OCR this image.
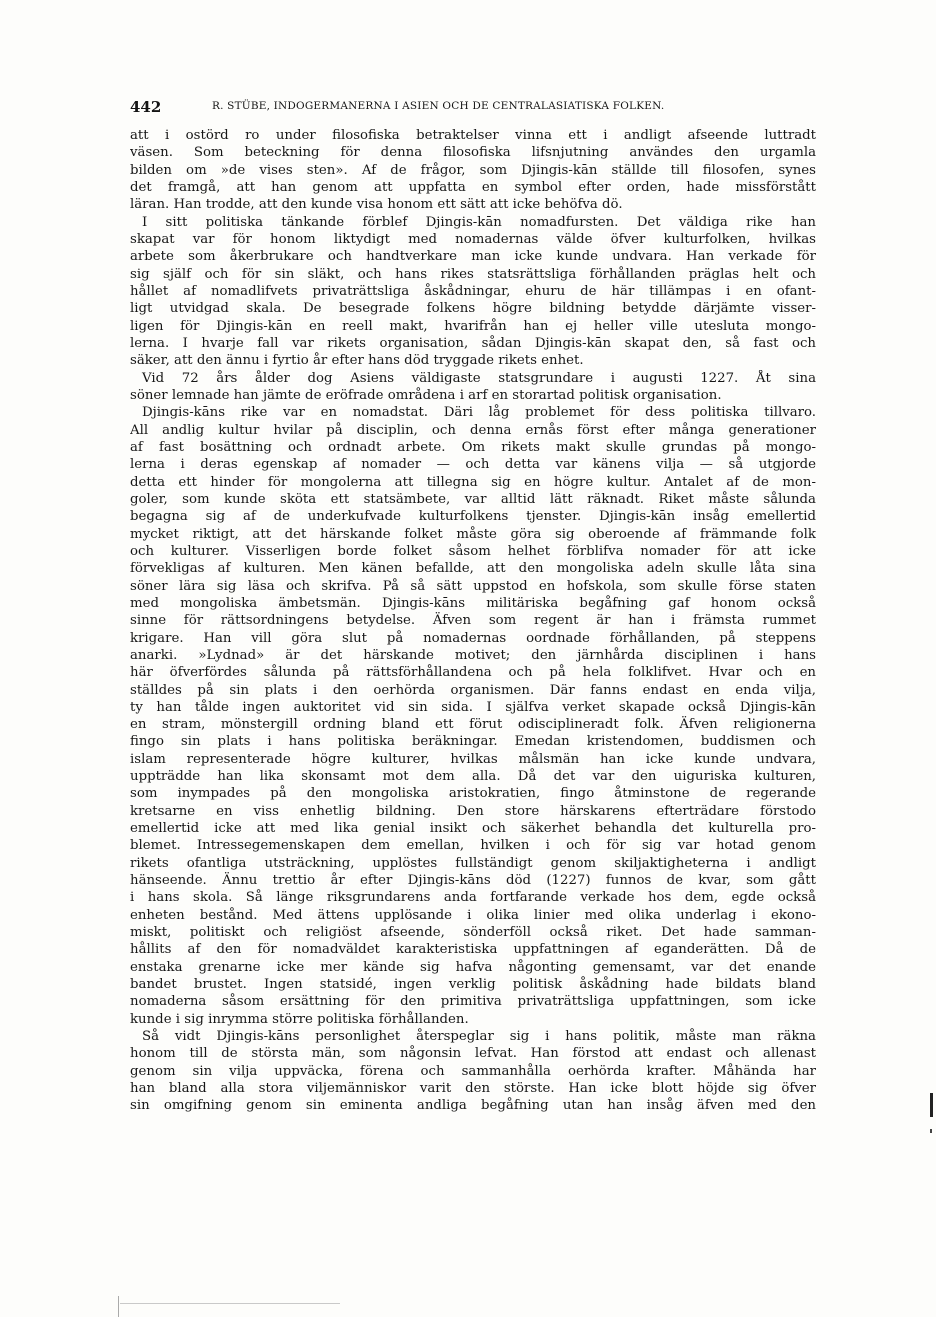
442	R. STÜBE, INDOGERMANERNA I ASIEN OCH DE CENTRALASIATISKA FOLKEN.
att i ostörd ro under filosofiska betraktelser vinna ett i andligt afseende luttradt
väsen. Som beteckning för denna filosofiska lifsnjutning användes den urgamla
bilden om »de vises sten». Af de frågor, som Djingis-kān ställde till filosofen, synes
det framgå, att han genom att uppfatta en symbol efter orden, hade missförstått
läran. Han trodde, att den kunde visa honom ett sätt att icke behöfva dö.
I sitt politiska tänkande förblef Djingis-kān nomadfursten. Det väldiga rike han
skapat var för honom liktydigt med nomadernas välde öfver kulturfolken, hvilkas
arbete som åkerbrukare och handtverkare man icke kunde undvara. Han verkade för
sig själf och för sin släkt, och hans rikes statsrättsliga förhållanden präglas helt och
hållet af nomadlifvets privaträttsliga åskådningar, ehuru de här tillämpas i en ofant-
ligt utvidgad skala. De besegrade folkens högre bildning betydde därjämte visser-
ligen för Djingis-kān en reell makt, hvarifrån han ej heller ville utesluta mongo-
lerna. I hvarje fall var rikets organisation, sådan Djingis-kān skapat den, så fast och
säker, att den ännu i fyrtio år efter hans död tryggade rikets enhet.
Vid 72 års ålder dog Asiens väldigaste statsgrundare i augusti 1227. Åt sina
söner lemnade han jämte de eröfrade områdena i arf en storartad politisk organisation.
Djingis-kāns rike var en nomadstat. Däri låg problemet för dess politiska tillvaro.
All andlig kultur hvilar på disciplin, och denna ernås först efter många generationer
af fast bosättning och ordnadt arbete. Om rikets makt skulle grundas på mongo-
lerna i deras egenskap af nomader — och detta var känens vilja — så utgjorde
detta ett hinder för mongolerna att tillegna sig en högre kultur. Antalet af de mon-
goler, som kunde sköta ett statsämbete, var alltid lätt räknadt. Riket måste sålunda
begagna sig af de underkufvade kulturfolkens tjenster. Djingis-kān insåg emellertid
mycket riktigt, att det härskande folket måste göra sig oberoende af främmande folk
och kulturer. Visserligen borde folket såsom helhet förblifva nomader för att icke
förvekligas af kulturen. Men känen befallde, att den mongoliska adeln skulle låta sina
söner lära sig läsa och skrifva. På så sätt uppstod en hofskola, som skulle förse staten
med mongoliska ämbetsmän. Djingis-kāns militäriska begåfning gaf honom också
sinne för rättsordningens betydelse. Äfven som regent är han i främsta rummet
krigare. Han vill göra slut på nomadernas oordnade förhållanden, på steppens
anarki. »Lydnad» är det härskande motivet; den järnhårda disciplinen i hans
här öfverfördes sålunda på rättsförhållandena och på hela folklifvet. Hvar och en
ställdes på sin plats i den oerhörda organismen. Där fanns endast en enda vilja,
ty han tålde ingen auktoritet vid sin sida. I själfva verket skapade också Djingis-kān
en stram, mönstergill ordning bland ett förut odisciplineradt folk. Äfven religionerna
fingo sin plats i hans politiska beräkningar. Emedan kristendomen, buddismen och
islam representerade högre kulturer, hvilkas målsmän han icke kunde undvara,
uppträdde han lika skonsamt mot dem alla. Då det var den uiguriska kulturen,
som inympades på den mongoliska aristokratien, fingo åtminstone de regerande
kretsarne en viss enhetlig bildning. Den store härskarens efterträdare förstodo
emellertid icke att med lika genial insikt och säkerhet behandla det kulturella pro-
blemet. Intressegemenskapen dem emellan, hvilken i och för sig var hotad genom
rikets ofantliga utsträckning, upplöstes fullständigt genom skiljaktigheterna i andligt
hänseende. Ännu trettio år efter Djingis-kāns död (1227) funnos de kvar, som gått
i hans skola. Så länge riksgrundarens anda fortfarande verkade hos dem, egde också
enheten bestånd. Med ättens upplösande i olika linier med olika underlag i ekono-
miskt, politiskt och religiöst afseende, sönderföll också riket. Det hade samman-
hållits af den för nomadväldet karakteristiska uppfattningen af eganderätten. Då de
enstaka grenarne icke mer kände sig hafva någonting gemensamt, var det enande
bandet brustet. Ingen statsidé, ingen verklig politisk åskådning hade bildats bland
nomaderna såsom ersättning för den primitiva privaträttsliga uppfattningen, som icke
kunde i sig inrymma större politiska förhållanden.
Så vidt Djingis-kāns personlighet återspeglar sig i hans politik, måste man räkna
honom till de största män, som någonsin lefvat. Han förstod att endast och allenast
genom sin vilja uppväcka, förena och sammanhålla oerhörda krafter. Måhända har
han bland alla stora viljemänniskor varit den störste. Han icke blott höjde sig öfver
sin omgifning genom sin eminenta andliga begåfning utan han insåg äfven med den
